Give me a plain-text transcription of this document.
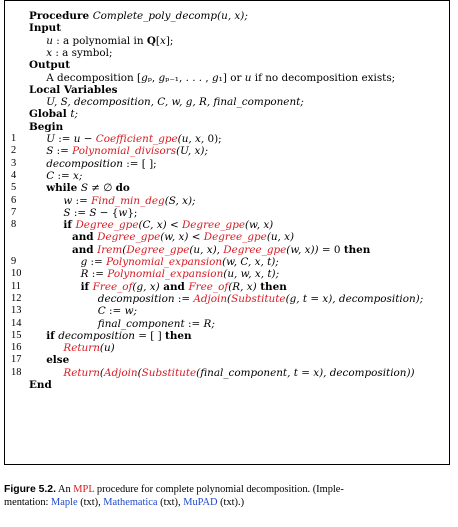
Procedure Complete_poly_decomp(u, x);
Input
u : a polynomial in Q[x];
x : a symbol;
Output
A decomposition [gₚ, gₚ₋₁, . . . , g₁] or u if no decomposition exists;
Local Variables
U, S, decomposition, C, w, g, R, final_component;
Global t;
Begin
1	U := u − Coefficient_gpe(u, x, 0);
2	S := Polynomial_divisors(U, x);
3	decomposition := [ ];
4	C := x;
5	while S ≠ ∅ do
6	w := Find_min_deg(S, x);
7	S := S − {w};
8	if Degree_gpe(C, x) < Degree_gpe(w, x)
and Degree_gpe(w, x) < Degree_gpe(u, x)
and Irem(Degree_gpe(u, x), Degree_gpe(w, x)) = 0 then
9	g := Polynomial_expansion(w, C, x, t);
10	R := Polynomial_expansion(u, w, x, t);
11	if Free_of(g, x) and Free_of(R, x) then
12	decomposition := Adjoin(Substitute(g, t = x), decomposition);
13	C := w;
14	final_component := R;
15 if decomposition = [ ] then
16	Return(u)
17 else
18	Return(Adjoin(Substitute(final_component, t = x), decomposition))
End
Figure 5.2. An MPL procedure for complete polynomial decomposition. (Imple-
mentation: Maple (txt), Mathematica (txt), MuPAD (txt).)
